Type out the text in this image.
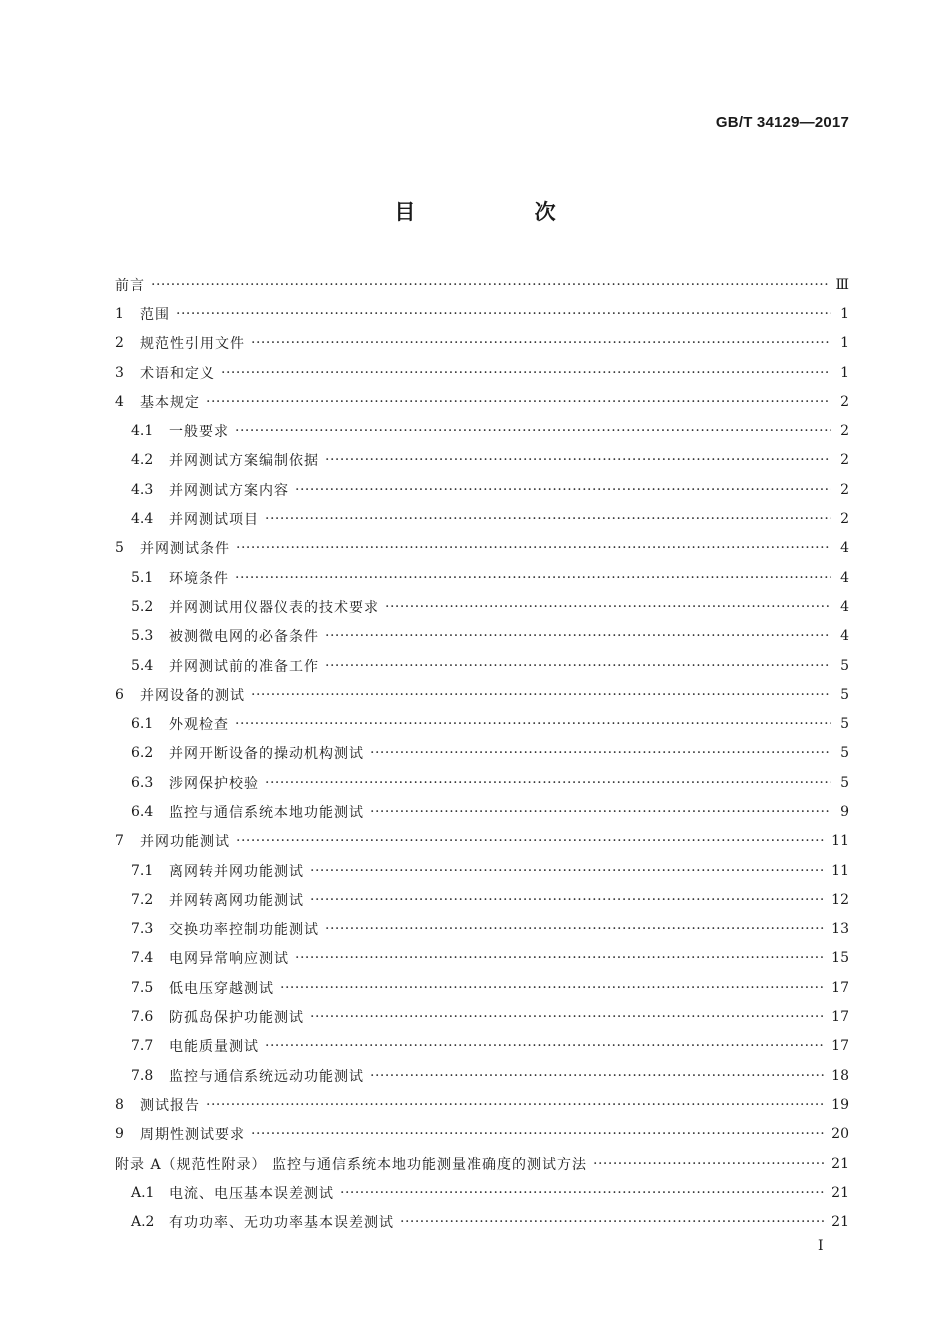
GB/T 34129—2017
目 次
前言 ·····	Ⅲ
1	范围 ·····	1
2	规范性引用文件 ·····	1
3	术语和定义 ·····	1
4	基本规定 ·····	2
4.1	一般要求 ·····	2
4.2	并网测试方案编制依据 ·····	2
4.3	并网测试方案内容 ·····	2
4.4	并网测试项目 ·····	2
5	并网测试条件 ·····	4
5.1	环境条件 ·····	4
5.2	并网测试用仪器仪表的技术要求 ·····	4
5.3	被测微电网的必备条件 ·····	4
5.4	并网测试前的准备工作 ·····	5
6	并网设备的测试 ·····	5
6.1	外观检查 ·····	5
6.2	并网开断设备的操动机构测试 ·····	5
6.3	涉网保护校验 ·····	5
6.4	监控与通信系统本地功能测试 ·····	9
7	并网功能测试 ·····	11
7.1	离网转并网功能测试 ·····	11
7.2	并网转离网功能测试 ·····	12
7.3	交换功率控制功能测试 ·····	13
7.4	电网异常响应测试 ·····	15
7.5	低电压穿越测试 ·····	17
7.6	防孤岛保护功能测试 ·····	17
7.7	电能质量测试 ·····	17
7.8	监控与通信系统远动功能测试 ·····	18
8	测试报告 ·····	19
9	周期性测试要求 ·····	20
附录 A（规范性附录） 监控与通信系统本地功能测量准确度的测试方法 ·····	21
A.1	电流、电压基本误差测试 ·····	21
A.2	有功功率、无功功率基本误差测试 ·····	21
I
